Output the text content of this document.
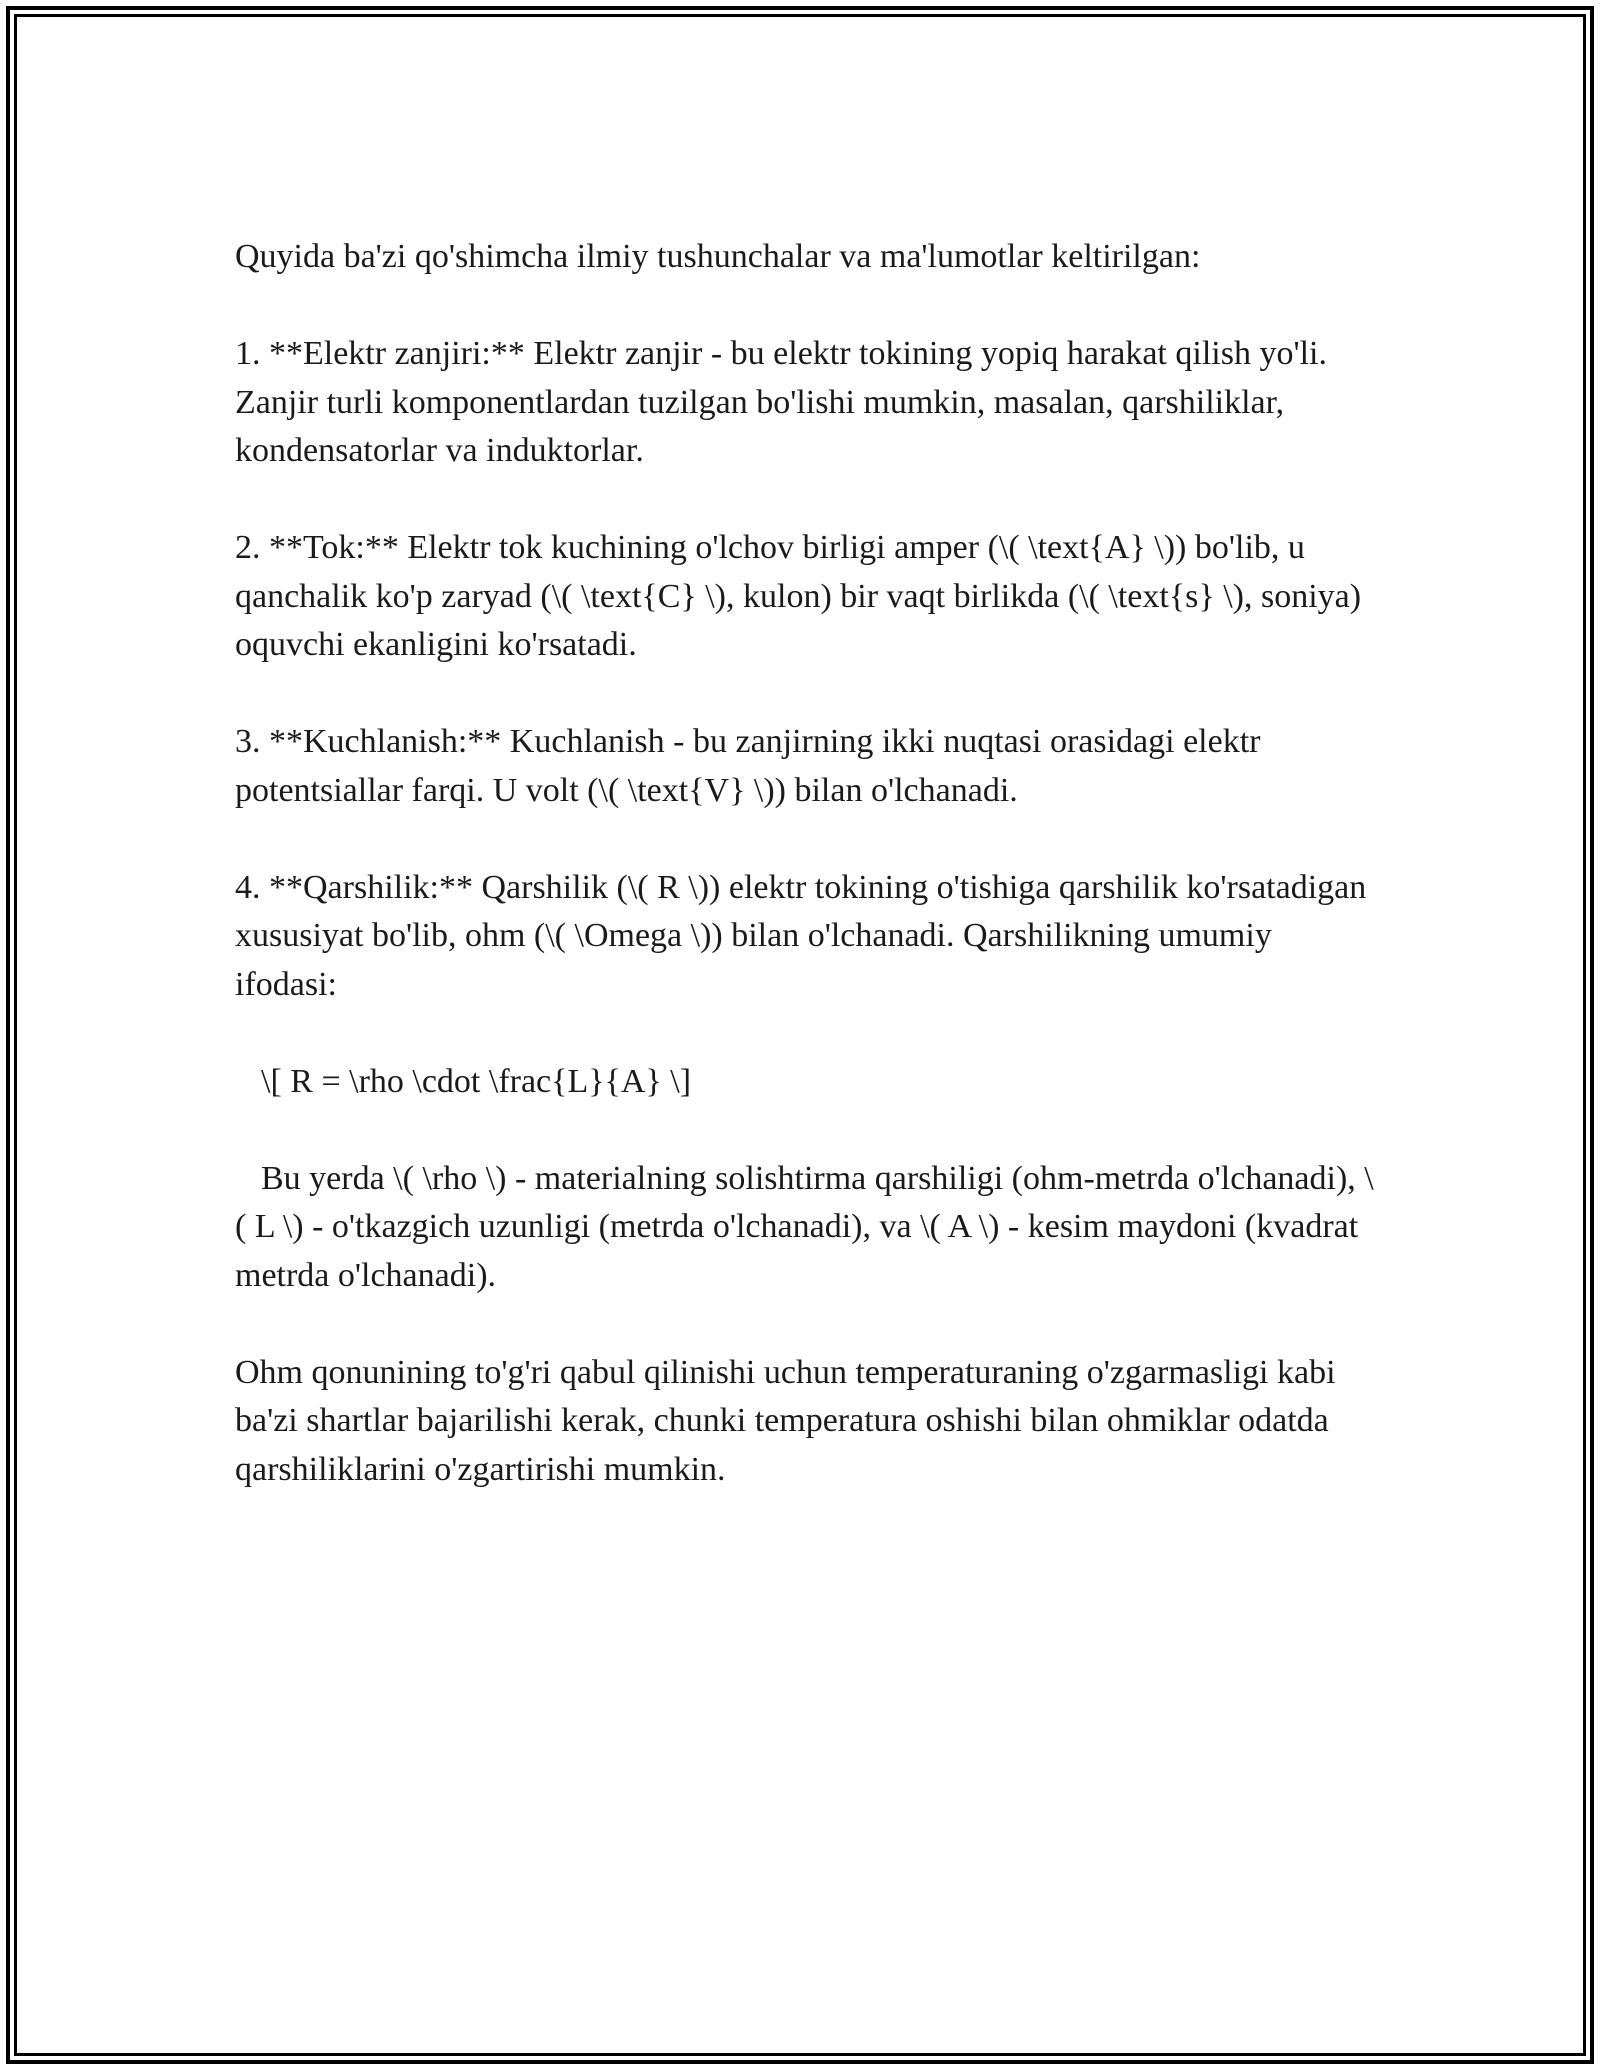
Quyida ba'zi qo'shimcha ilmiy tushunchalar va ma'lumotlar keltirilgan:

1. **Elektr zanjiri:** Elektr zanjir - bu elektr tokining yopiq harakat qilish yo'li. Zanjir turli komponentlardan tuzilgan bo'lishi mumkin, masalan, qarshiliklar, kondensatorlar va induktorlar.

2. **Tok:** Elektr tok kuchining o'lchov birligi amper (\( \text{A} \)) bo'lib, u qanchalik ko'p zaryad (\( \text{C} \), kulon) bir vaqt birlikda (\( \text{s} \), soniya) oquvchi ekanligini ko'rsatadi.

3. **Kuchlanish:** Kuchlanish - bu zanjirning ikki nuqtasi orasidagi elektr potentsiallar farqi. U volt (\( \text{V} \)) bilan o'lchanadi.

4. **Qarshilik:** Qarshilik (\( R \)) elektr tokining o'tishiga qarshilik ko'rsatadigan xususiyat bo'lib, ohm (\( \Omega \)) bilan o'lchanadi. Qarshilikning umumiy ifodasi:

\[ R = \rho \cdot \frac{L}{A} \]

Bu yerda \( \rho \) - materialning solishtirma qarshiligi (ohm-metrda o'lchanadi), \( L \) - o'tkazgich uzunligi (metrda o'lchanadi), va \( A \) - kesim maydoni (kvadrat metrda o'lchanadi).

Ohm qonunining to'g'ri qabul qilinishi uchun temperaturaning o'zgarmasligi kabi ba'zi shartlar bajarilishi kerak, chunki temperatura oshishi bilan ohmiklar odatda qarshiliklarini o'zgartirishi mumkin.
